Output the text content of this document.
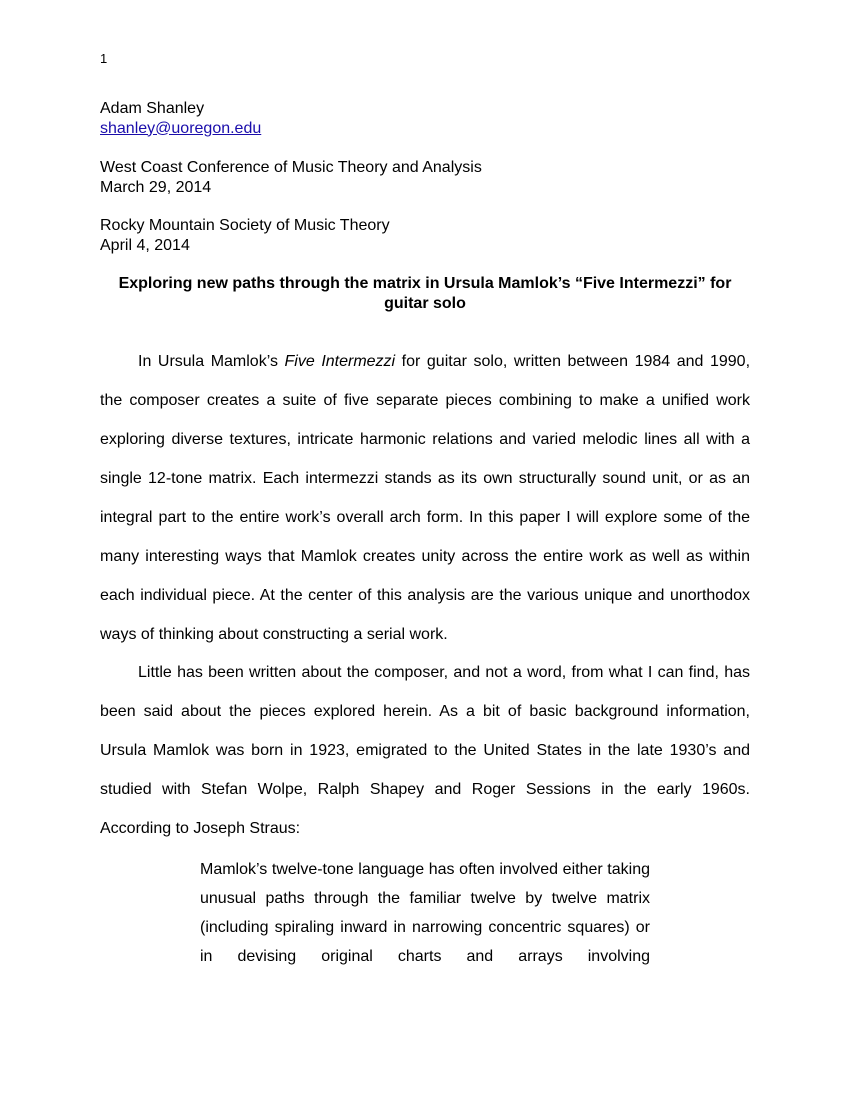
1
Adam Shanley
shanley@uoregon.edu
West Coast Conference of Music Theory and Analysis
March 29, 2014
Rocky Mountain Society of Music Theory
April 4, 2014
Exploring new paths through the matrix in Ursula Mamlok’s “Five Intermezzi” for guitar solo
In Ursula Mamlok’s Five Intermezzi for guitar solo, written between 1984 and 1990, the composer creates a suite of five separate pieces combining to make a unified work exploring diverse textures, intricate harmonic relations and varied melodic lines all with a single 12-tone matrix. Each intermezzi stands as its own structurally sound unit, or as an integral part to the entire work’s overall arch form. In this paper I will explore some of the many interesting ways that Mamlok creates unity across the entire work as well as within each individual piece. At the center of this analysis are the various unique and unorthodox ways of thinking about constructing a serial work.
Little has been written about the composer, and not a word, from what I can find, has been said about the pieces explored herein. As a bit of basic background information, Ursula Mamlok was born in 1923, emigrated to the United States in the late 1930’s and studied with Stefan Wolpe, Ralph Shapey and Roger Sessions in the early 1960s. According to Joseph Straus:
Mamlok’s twelve-tone language has often involved either taking unusual paths through the familiar twelve by twelve matrix (including spiraling inward in narrowing concentric squares) or in devising original charts and arrays involving
